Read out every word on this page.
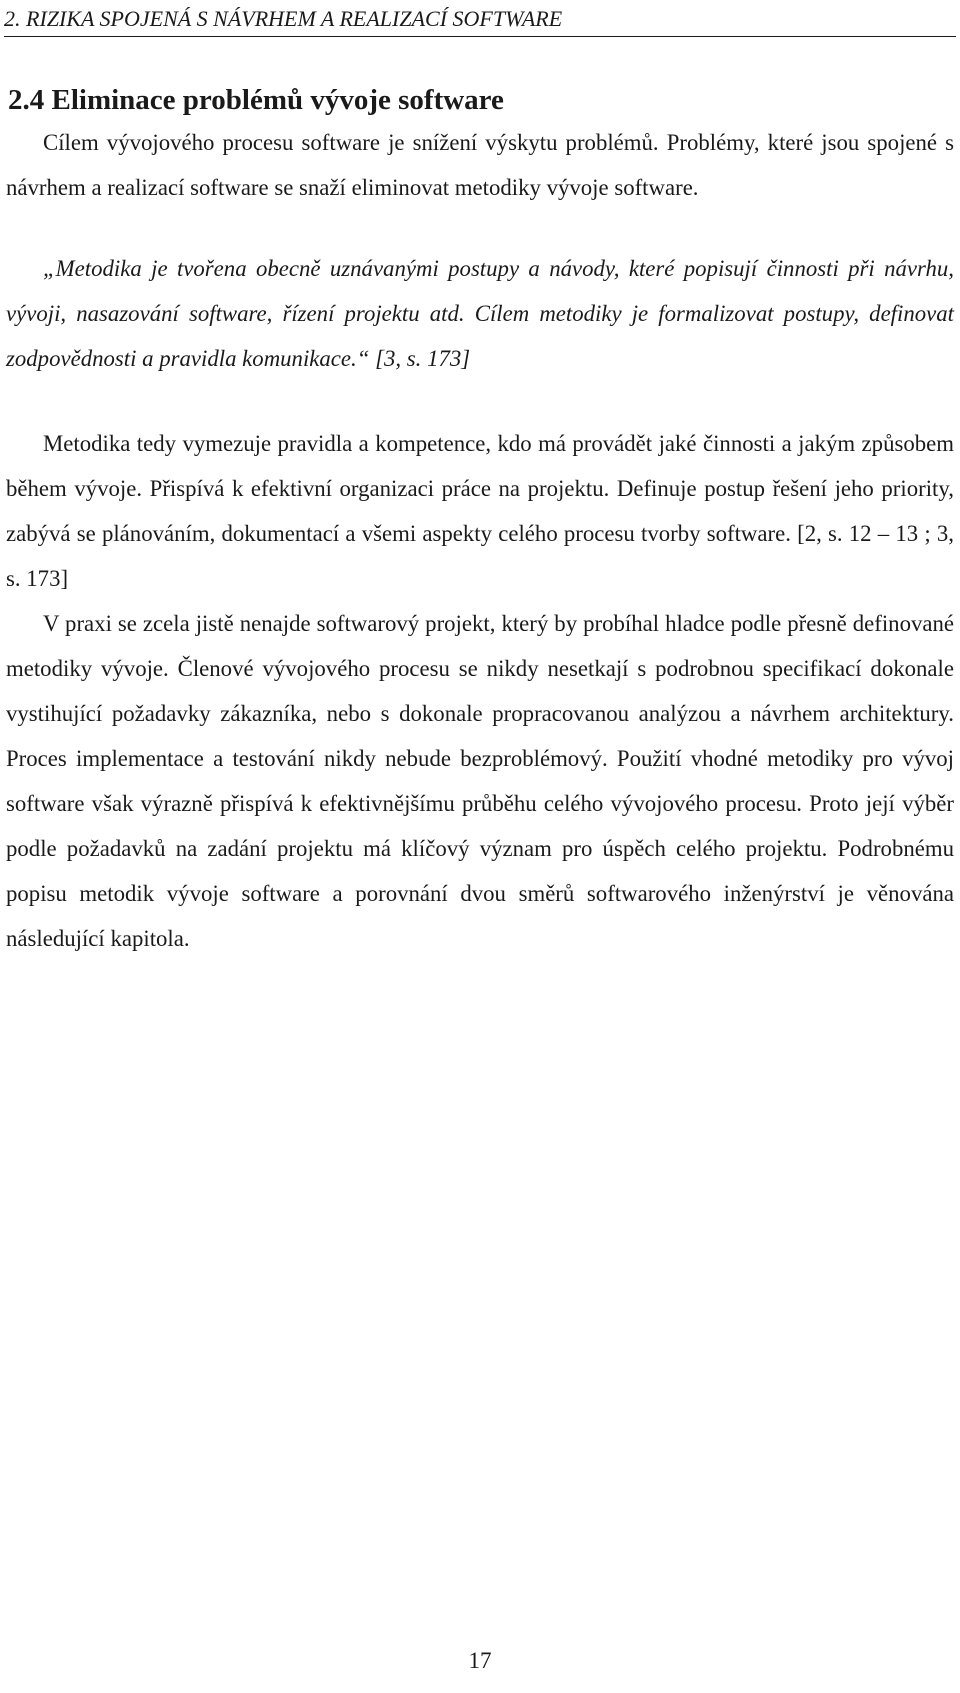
2. RIZIKA SPOJENÁ S NÁVRHEM A REALIZACÍ SOFTWARE
2.4 Eliminace problémů vývoje software

Cílem vývojového procesu software je snížení výskytu problémů. Problémy, které jsou spojené s návrhem a realizací software se snaží eliminovat metodiky vývoje software.

„Metodika je tvořena obecně uznávanými postupy a návody, které popisují činnosti při návrhu, vývoji, nasazování software, řízení projektu atd. Cílem metodiky je formalizovat postupy, definovat zodpovědnosti a pravidla komunikace.“ [3, s. 173]

Metodika tedy vymezuje pravidla a kompetence, kdo má provádět jaké činnosti a jakým způsobem během vývoje. Přispívá k efektivní organizaci práce na projektu. Definuje postup řešení jeho priority, zabývá se plánováním, dokumentací a všemi aspekty celého procesu tvorby software. [2, s. 12 – 13 ; 3, s. 173]

V praxi se zcela jistě nenajde softwarový projekt, který by probíhal hladce podle přesně definované metodiky vývoje. Členové vývojového procesu se nikdy nesetkají s podrobnou specifikací dokonale vystihující požadavky zákazníka, nebo s dokonale propracovanou analýzou a návrhem architektury. Proces implementace a testování nikdy nebude bezproblémový. Použití vhodné metodiky pro vývoj software však výrazně přispívá k efektivnějšímu průběhu celého vývojového procesu. Proto její výběr podle požadavků na zadání projektu má klíčový význam pro úspěch celého projektu. Podrobnému popisu metodik vývoje software a porovnání dvou směrů softwarového inženýrství je věnována následující kapitola.

17
